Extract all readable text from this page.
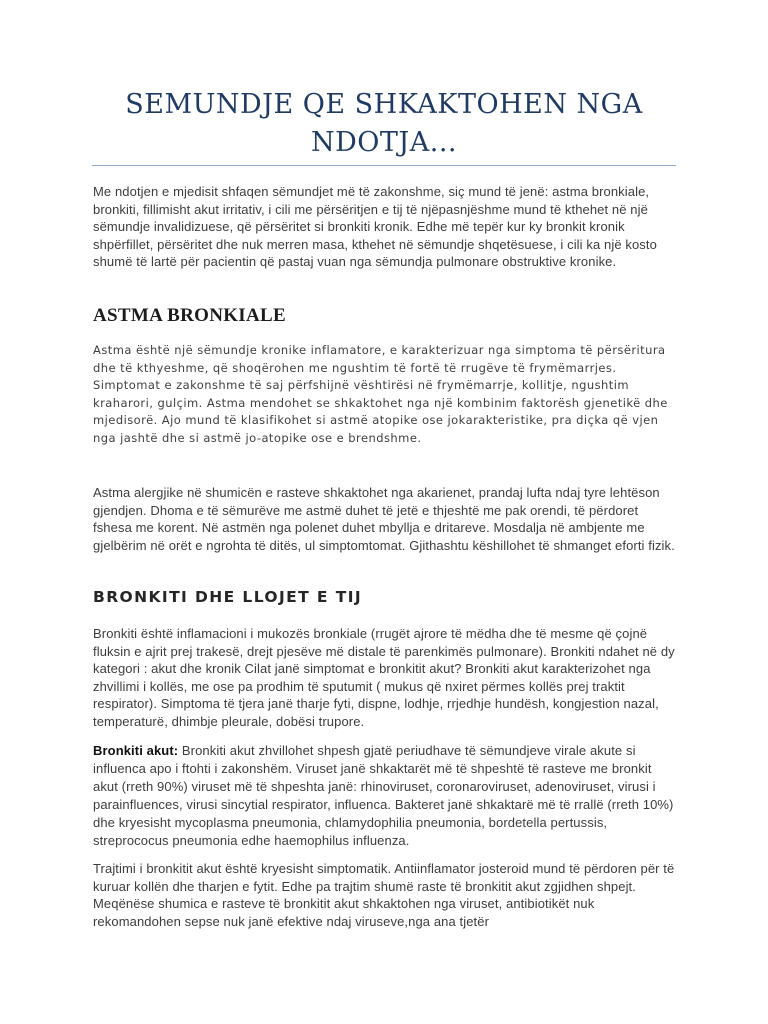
SEMUNDJE QE SHKAKTOHEN NGA
NDOTJA...

Me ndotjen e mjedisit shfaqen sëmundjet më të zakonshme, siç mund të jenë: astma bronkiale, bronkiti, fillimisht akut irritativ, i cili me përsëritjen e tij të njëpasnjëshme mund të kthehet në një sëmundje invalidizuese, që përsëritet si bronkiti kronik. Edhe më tepër kur ky bronkit kronik shpërfillet, përsëritet dhe nuk merren masa, kthehet në sëmundje shqetësuese, i cili ka një kosto shumë të lartë për pacientin që pastaj vuan nga sëmundja pulmonare obstruktive kronike.

ASTMA BRONKIALE

Astma është një sëmundje kronike inflamatore, e karakterizuar nga simptoma të përsëritura dhe të kthyeshme, që shoqërohen me ngushtim të fortë të rrugëve të frymëmarrjes. Simptomat e zakonshme të saj përfshijnë vështirësi në frymëmarrje, kollitje, ngushtim kraharori, gulçim. Astma mendohet se shkaktohet nga një kombinim faktorësh gjenetikë dhe mjedisorë. Ajo mund të klasifikohet si astmë atopike ose jokarakteristike, pra diçka që vjen nga jashtë dhe si astmë jo-atopike ose e brendshme.

Astma alergjike në shumicën e rasteve shkaktohet nga akarienet, prandaj lufta ndaj tyre lehtëson gjendjen. Dhoma e të sëmurëve me astmë duhet të jetë e thjeshtë me pak orendi, të përdoret fshesa me korent. Në astmën nga polenet duhet mbyllja e dritareve. Mosdalja në ambjente me gjelbërim në orët e ngrohta të ditës, ul simptomtomat. Gjithashtu këshillohet të shmanget eforti fizik.

BRONKITI DHE LLOJET E TIJ

Bronkiti është inflamacioni i mukozës bronkiale (rrugët ajrore të mëdha dhe të mesme që çojnë fluksin e ajrit prej trakesë, drejt pjesëve më distale të parenkimës pulmonare). Bronkiti ndahet në dy kategori : akut dhe kronik Cilat janë simptomat e bronkitit akut? Bronkiti akut karakterizohet nga zhvillimi i kollës, me ose pa prodhim të sputumit ( mukus që nxiret përmes kollës prej traktit respirator). Simptoma të tjera janë tharje fyti, dispne, lodhje, rrjedhje hundësh, kongjestion nazal, temperaturë, dhimbje pleurale, dobësi trupore.

Bronkiti akut: Bronkiti akut zhvillohet shpesh gjatë periudhave të sëmundjeve virale akute si influenca apo i ftohti i zakonshëm. Viruset janë shkaktarët më të shpeshtë të rasteve me bronkit akut (rreth 90%) viruset më të shpeshta janë: rhinoviruset, coronaroviruset, adenoviruset, virusi i parainfluences, virusi sincytial respirator, influenca. Bakteret janë shkaktarë më të rrallë (rreth 10%) dhe kryesisht mycoplasma pneumonia, chlamydophilia pneumonia, bordetella pertussis, streprococus pneumonia edhe haemophilus influenza.

Trajtimi i bronkitit akut është kryesisht simptomatik. Antiinflamator josteroid mund të përdoren për të kuruar kollën dhe tharjen e fytit. Edhe pa trajtim shumë raste të bronkitit akut zgjidhen shpejt. Meqënëse shumica e rasteve të bronkitit akut shkaktohen nga viruset, antibiotikët nuk rekomandohen sepse nuk janë efektive ndaj viruseve,nga ana tjetër
